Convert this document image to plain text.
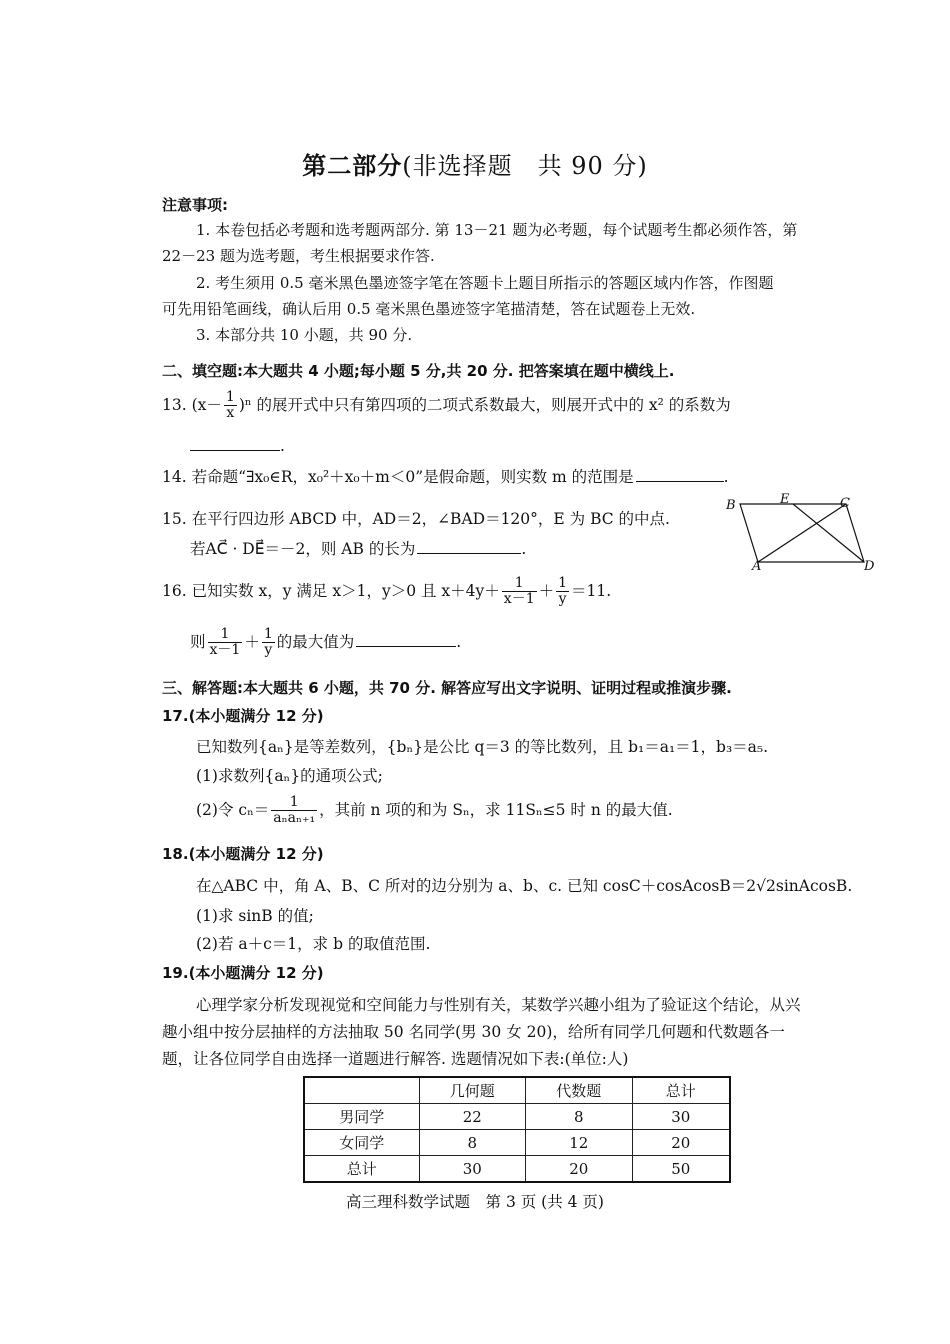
第二部分(非选择题　共 90 分)
注意事项:
1. 本卷包括必考题和选考题两部分. 第 13－21 题为必考题，每个试题考生都必须作答，第
22－23 题为选考题，考生根据要求作答.
2. 考生须用 0.5 毫米黑色墨迹签字笔在答题卡上题目所指示的答题区域内作答，作图题
可先用铅笔画线，确认后用 0.5 毫米黑色墨迹签字笔描清楚，答在试题卷上无效.
3. 本部分共 10 小题，共 90 分.
二、填空题:本大题共 4 小题;每小题 5 分,共 20 分. 把答案填在题中横线上.
13. $(x- \frac{1}{x} )^n$ 的展开式中只有第四项的二项式系数最大，则展开式中的 x² 的系数为
.
14. 若命题“∃x₀∈R，x₀²＋x₀＋m＜0”是假命题，则实数 m 的范围是	.
15. 在平行四边形 ABCD 中，AD＝2，∠BAD＝120°，E 为 BC 的中点.
若AC⃗ · DE⃗＝－2，则 AB 的长为	.
B	E	C
A	D
16. 已知实数 x，y 满足 x＞1，y＞0 且 $x+4y+ \frac{1}{x-1} + \frac{1}{y} =11$.
则 $\frac{1}{x-1} + \frac{1}{y}$ 的最大值为	.
三、解答题:本大题共 6 小题，共 70 分. 解答应写出文字说明、证明过程或推演步骤.
17.(本小题满分 12 分)
已知数列{aₙ}是等差数列，{bₙ}是公比 q＝3 的等比数列，且 b₁＝a₁＝1，b₃＝a₅.
(1)求数列{aₙ}的通项公式;
(2)令 $c_n= \frac{1}{\text{aₙaₙ₊₁}}$ ，其前 n 项的和为 Sₙ，求 11Sₙ≤5 时 n 的最大值.
18.(本小题满分 12 分)
在△ABC 中，角 A、B、C 所对的边分别为 a、b、c. 已知 cosC＋cosAcosB＝2√2sinAcosB.
(1)求 sinB 的值;
(2)若 a＋c＝1，求 b 的取值范围.
19.(本小题满分 12 分)
心理学家分析发现视觉和空间能力与性别有关，某数学兴趣小组为了验证这个结论，从兴
趣小组中按分层抽样的方法抽取 50 名同学(男 30 女 20)，给所有同学几何题和代数题各一
题，让各位同学自由选择一道题进行解答. 选题情况如下表:(单位:人)
	几何题	代数题	总计
男同学	22	8	30
女同学	8	12	20
总计	30	20	50
高三理科数学试题　第 3 页 (共 4 页)
